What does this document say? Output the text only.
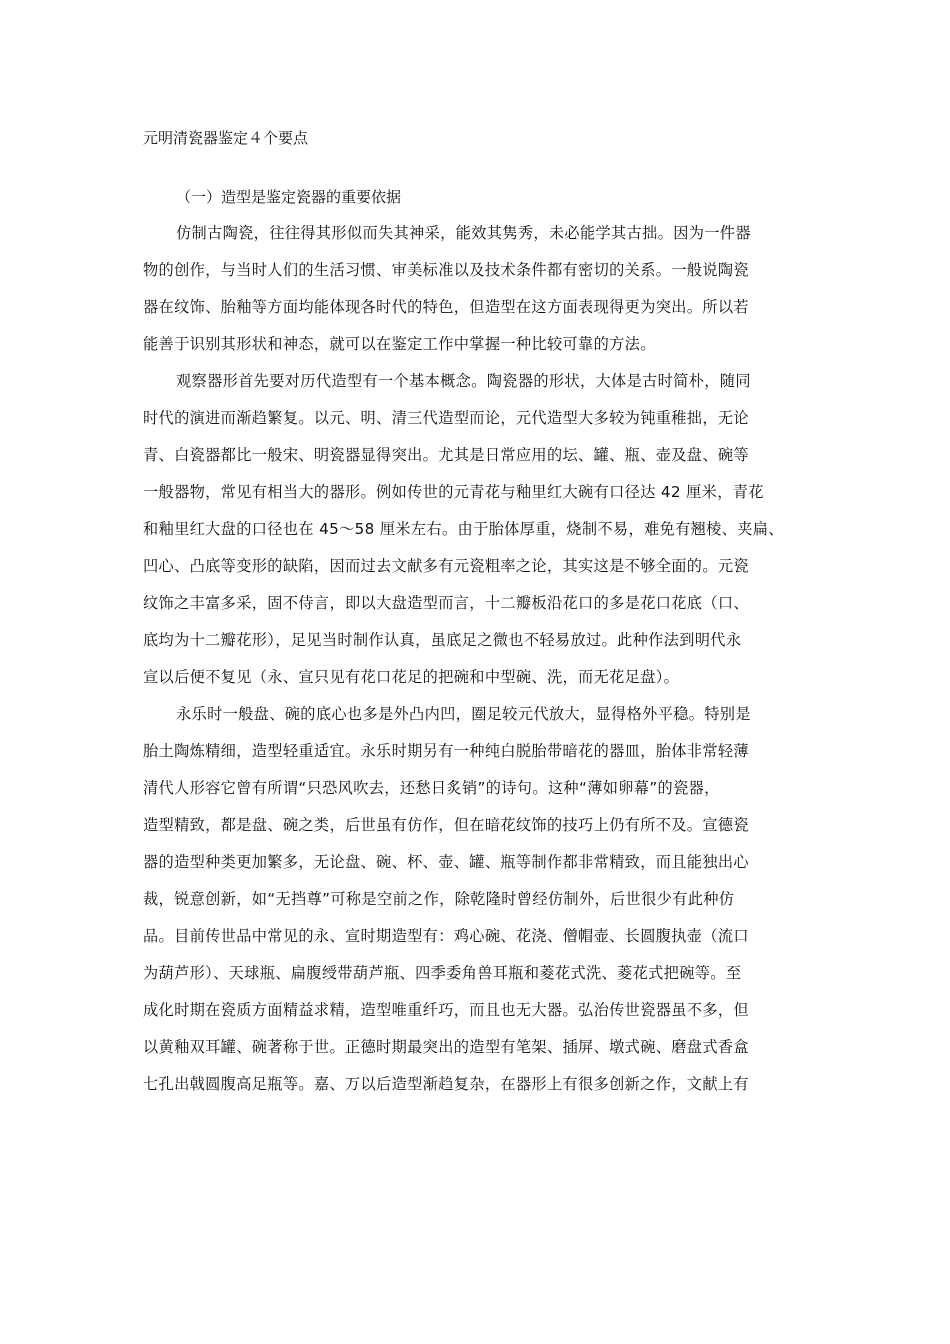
元明清瓷器鉴定４个要点
（一）造型是鉴定瓷器的重要依据
仿制古陶瓷，往往得其形似而失其神采，能效其隽秀，未必能学其古拙。因为一件器
物的创作，与当时人们的生活习惯、审美标准以及技术条件都有密切的关系。一般说陶瓷
器在纹饰、胎釉等方面均能体现各时代的特色，但造型在这方面表现得更为突出。所以若
能善于识别其形状和神态，就可以在鉴定工作中掌握一种比较可靠的方法。
观察器形首先要对历代造型有一个基本概念。陶瓷器的形状，大体是古时简朴，随同
时代的演进而渐趋繁复。以元、明、清三代造型而论，元代造型大多较为钝重稚拙，无论
青、白瓷器都比一般宋、明瓷器显得突出。尤其是日常应用的坛、罐、瓶、壶及盘、碗等
一般器物，常见有相当大的器形。例如传世的元青花与釉里红大碗有口径达 42 厘米，青花
和釉里红大盘的口径也在 45～58 厘米左右。由于胎体厚重，烧制不易，难免有翘棱、夹扁、
凹心、凸底等变形的缺陷，因而过去文献多有元瓷粗率之论，其实这是不够全面的。元瓷
纹饰之丰富多采，固不侍言，即以大盘造型而言，十二瓣板沿花口的多是花口花底（口、
底均为十二瓣花形），足见当时制作认真，虽底足之微也不轻易放过。此种作法到明代永
宣以后便不复见（永、宣只见有花口花足的把碗和中型碗、洗，而无花足盘）。
永乐时一般盘、碗的底心也多是外凸内凹，圈足较元代放大，显得格外平稳。特别是
胎土陶炼精细，造型轻重适宜。永乐时期另有一种纯白脱胎带暗花的器皿，胎体非常轻薄
清代人形容它曾有所谓“只恐风吹去，还愁日炙销”的诗句。这种“薄如卵幕”的瓷器，
造型精致，都是盘、碗之类，后世虽有仿作，但在暗花纹饰的技巧上仍有所不及。宣德瓷
器的造型种类更加繁多，无论盘、碗、杯、壶、罐、瓶等制作都非常精致，而且能独出心
裁，锐意创新，如“无挡尊”可称是空前之作，除乾隆时曾经仿制外，后世很少有此种仿
品。目前传世品中常见的永、宣时期造型有：鸡心碗、花浇、僧帽壶、长圆腹执壶（流口
为葫芦形）、天球瓶、扁腹绶带葫芦瓶、四季委角兽耳瓶和菱花式洗、菱花式把碗等。至
成化时期在瓷质方面精益求精，造型唯重纤巧，而且也无大器。弘治传世瓷器虽不多，但
以黄釉双耳罐、碗著称于世。正德时期最突出的造型有笔架、插屏、墩式碗、磨盘式香盒
七孔出戟圆腹高足瓶等。嘉、万以后造型渐趋复杂，在器形上有很多创新之作，文献上有
